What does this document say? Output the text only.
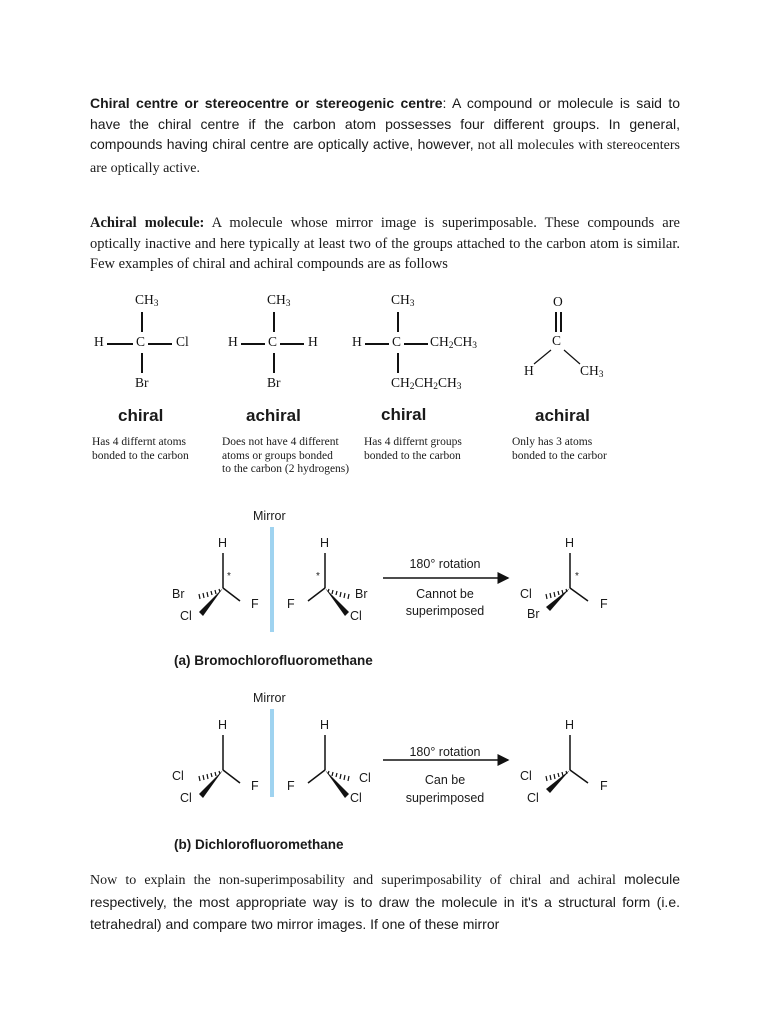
Chiral centre or stereocentre or stereogenic centre: A compound or molecule is said to have the chiral centre if the carbon atom possesses four different groups. In general, compounds having chiral centre are optically active, however, not all molecules with stereocenters are optically active.
Achiral molecule: A molecule whose mirror image is superimposable. These compounds are optically inactive and here typically at least two of the groups attached to the carbon atom is similar. Few examples of chiral and achiral compounds are as follows
$CH_3$
H C Cl
Br
$CH_3$
H C H
Br
$CH_3$
H C $CH_2CH_3$
$CH_2CH_2CH_3$
O
C
H	$CH_3$
chiral	achiral	chiral	achiral
Has 4 differnt atoms
bonded to the carbon
Does not have 4 different
atoms or groups bonded
to the carbon (2 hydrogens)
Has 4 differnt groups
bonded to the carbon
Only has 3 atoms
bonded to the carbor
Mirror
H
*
Br
F
Cl
H
*
Br
F
Cl
180° rotation
Cannot be
superimposed
H
*
Cl
F
Br
(a) Bromochlorofluoromethane
Mirror
H
Cl
F
Cl
H
Cl
F
Cl
180° rotation
Can be
superimposed
H
Cl
F
Cl
(b) Dichlorofluoromethane
Now to explain the non-superimposability and superimposability of chiral and achiral molecule respectively, the most appropriate way is to draw the molecule in it's a structural form (i.e. tetrahedral) and compare two mirror images. If one of these mirror
